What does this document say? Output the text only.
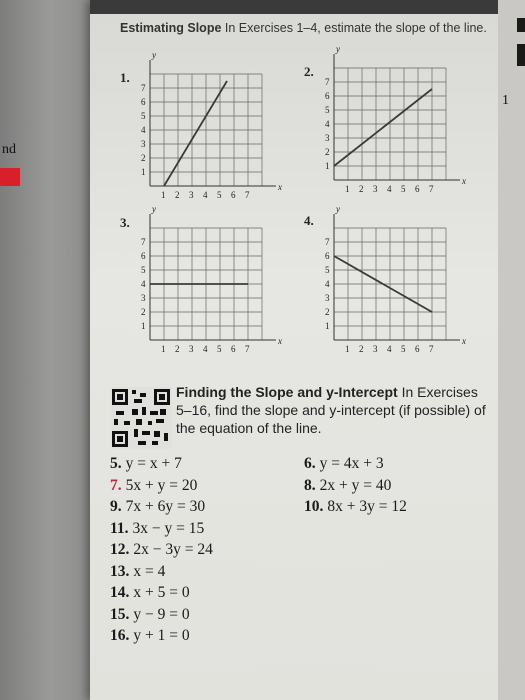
nd
Estimating Slope In Exercises 1–4, estimate the slope of the line.
1.	2.
3.	4.
x
y
1 2 3 4 5 6 7
1
2
3
4
5
6
7
x
y
1 2 3 4 5 6 7
1
2
3
4
5
6
7
x
y
1 2 3 4 5 6 7
1
2
3
4
5
6
7
x
y
1 2 3 4 5 6 7
1
2
3
4
5
6
7
Finding the Slope and y-Intercept In Exercises 5–16, find the slope and y-intercept (if possible) of the equation of the line.
5. y = x + 7	6. y = 4x + 3
7. 5x + y = 20	8. 2x + y = 40
9. 7x + 6y = 30	10. 8x + 3y = 12
11. 3x − y = 15
12. 2x − 3y = 24
13. x = 4
14. x + 5 = 0
15. y − 9 = 0
16. y + 1 = 0
1
